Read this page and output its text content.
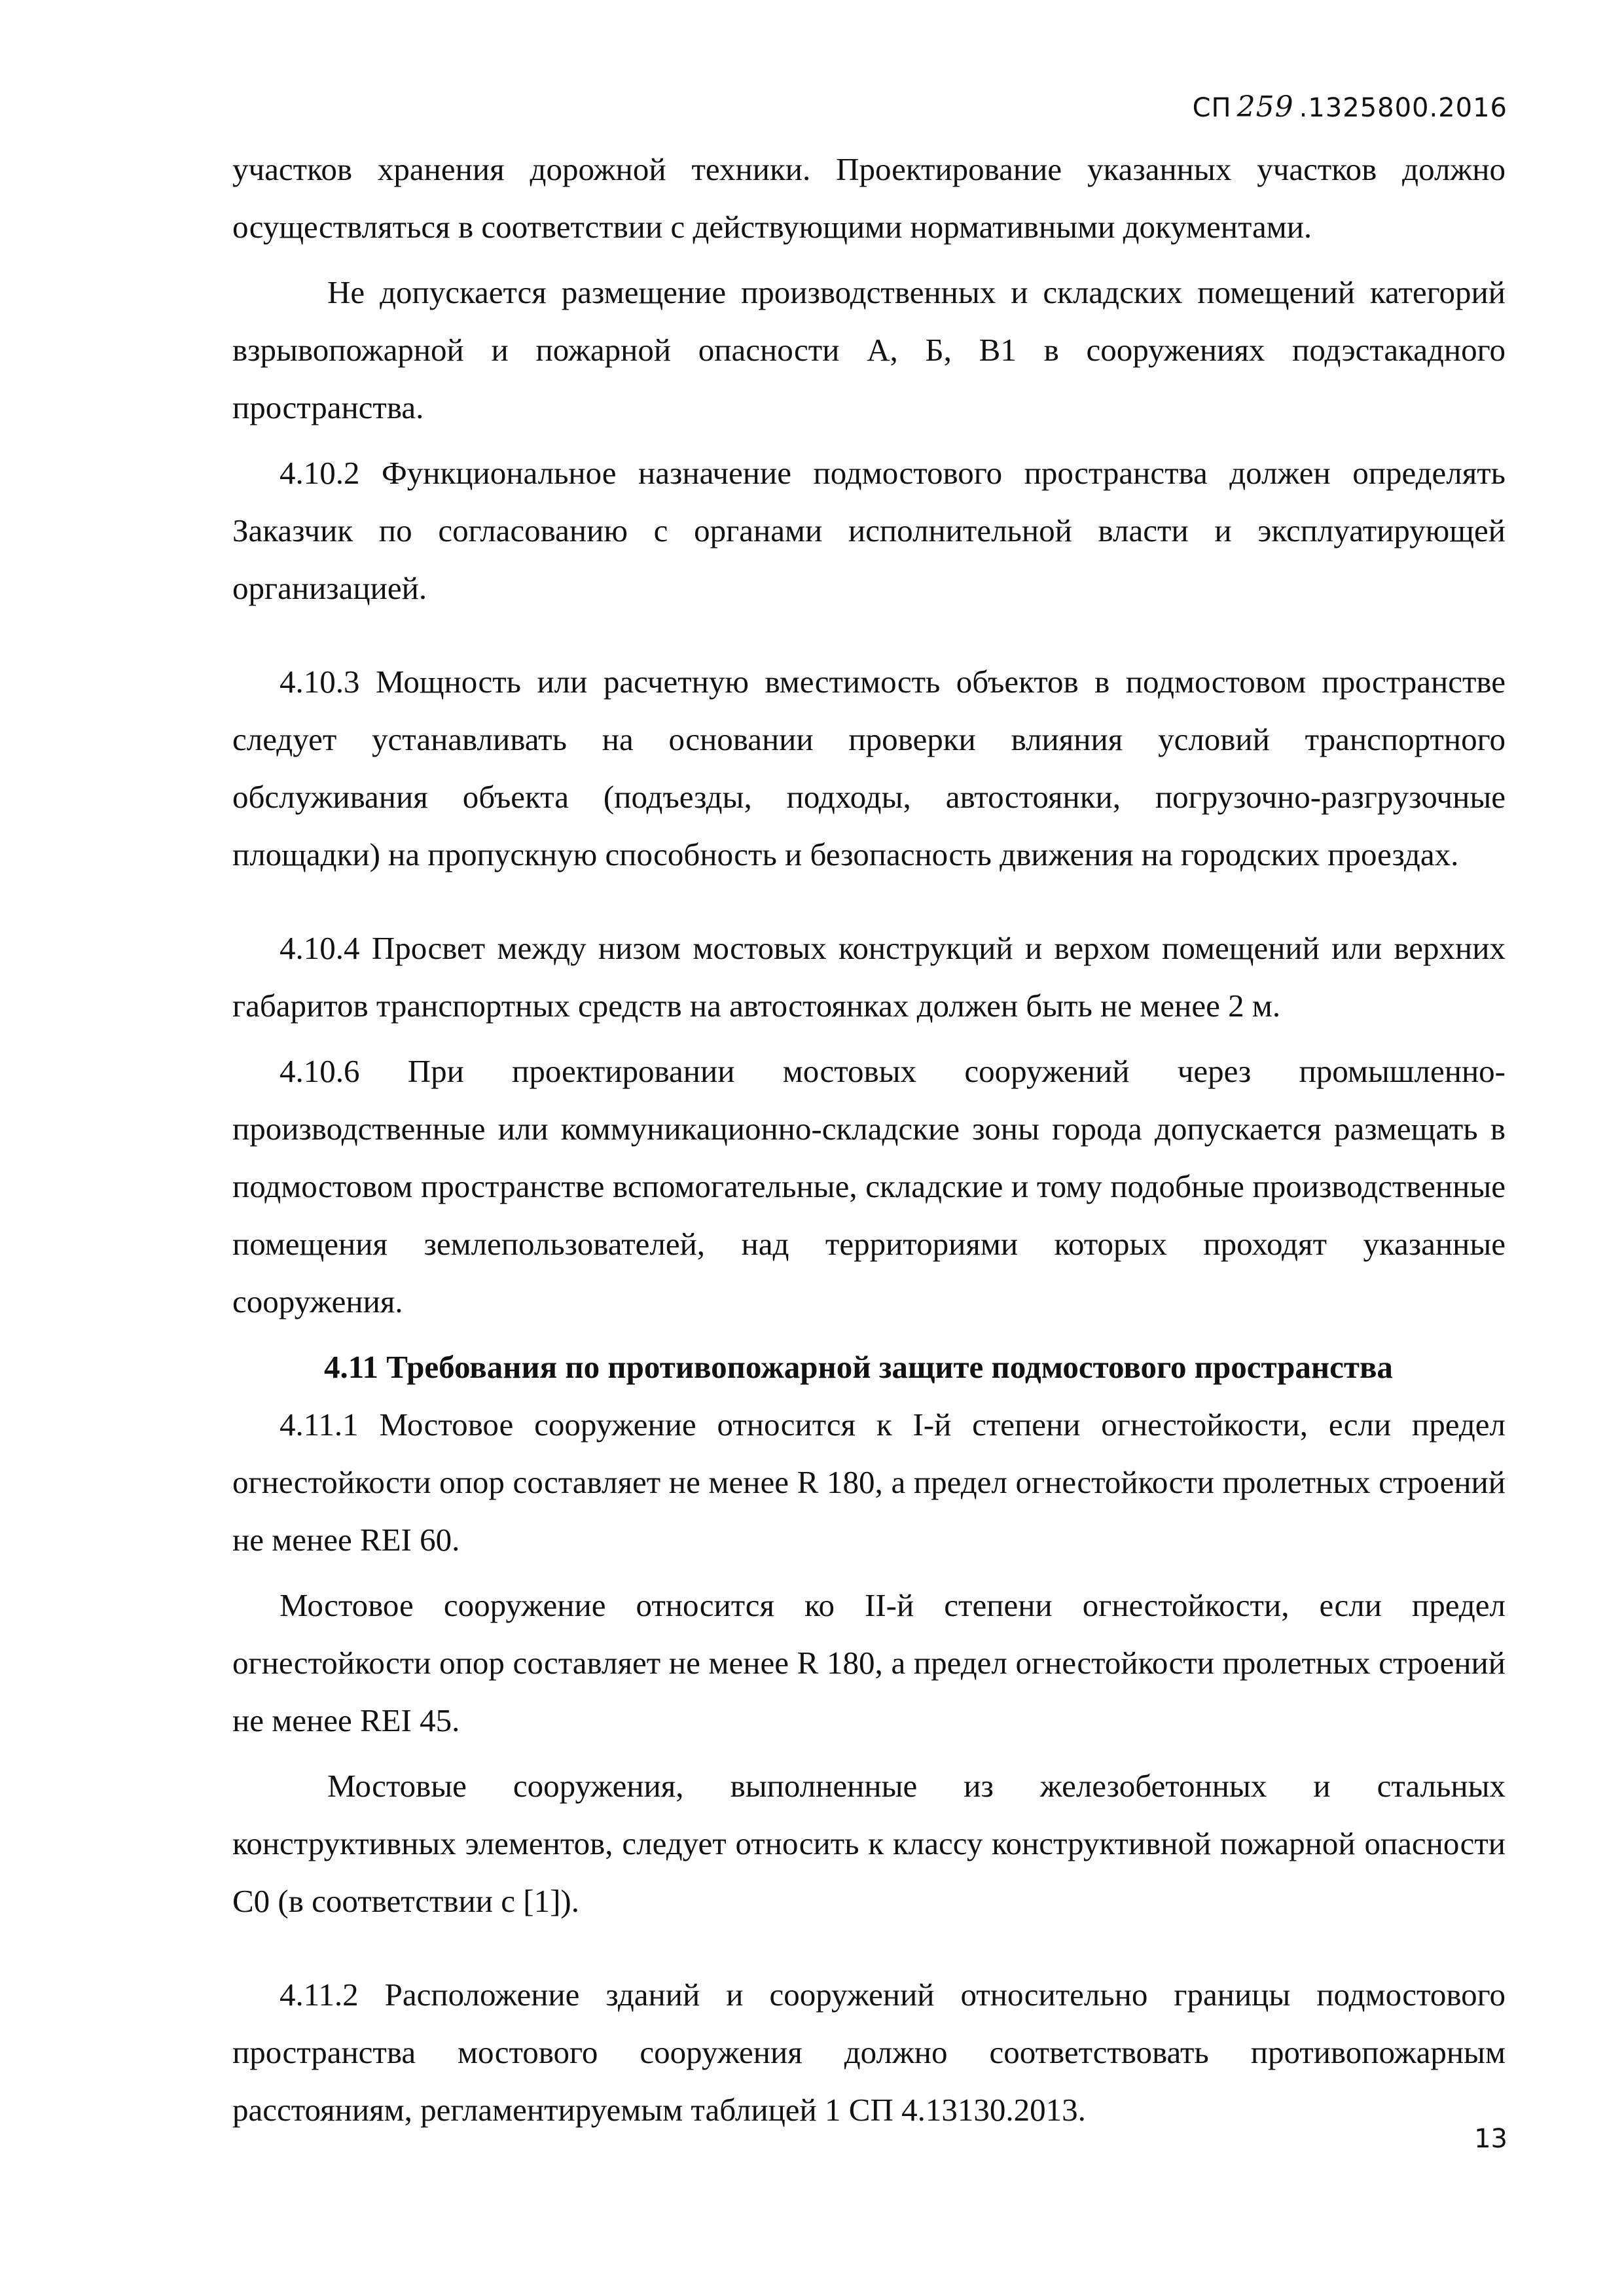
СП 259 .1325800.2016

участков хранения дорожной техники. Проектирование указанных участков должно осуществляться в соответствии с действующими нормативными документами.

Не допускается размещение производственных и складских помещений категорий взрывопожарной и пожарной опасности А, Б, В1 в сооружениях подэстакадного пространства.

4.10.2 Функциональное назначение подмостового пространства должен определять Заказчик по согласованию с органами исполнительной власти и эксплуатирующей организацией.

4.10.3 Мощность или расчетную вместимость объектов в подмостовом пространстве следует устанавливать на основании проверки влияния условий транспортного обслуживания объекта (подъезды, подходы, автостоянки, погрузочно-разгрузочные площадки) на пропускную способность и безопасность движения на городских проездах.

4.10.4 Просвет между низом мостовых конструкций и верхом помещений или верхних габаритов транспортных средств на автостоянках должен быть не менее 2 м.

4.10.6 При проектировании мостовых сооружений через промышленно-производственные или коммуникационно-складские зоны города допускается размещать в подмостовом пространстве вспомогательные, складские и тому подобные производственные помещения землепользователей, над территориями которых проходят указанные сооружения.

4.11 Требования по противопожарной защите подмостового пространства

4.11.1 Мостовое сооружение относится к I-й степени огнестойкости, если предел огнестойкости опор составляет не менее R 180, а предел огнестойкости пролетных строений не менее REI 60.

Мостовое сооружение относится ко II-й степени огнестойкости, если предел огнестойкости опор составляет не менее R 180, а предел огнестойкости пролетных строений не менее REI 45.

Мостовые сооружения, выполненные из железобетонных и стальных конструктивных элементов, следует относить к классу конструктивной пожарной опасности С0 (в соответствии с [1]).

4.11.2 Расположение зданий и сооружений относительно границы подмостового пространства мостового сооружения должно соответствовать противопожарным расстояниям, регламентируемым таблицей 1 СП 4.13130.2013.

13
